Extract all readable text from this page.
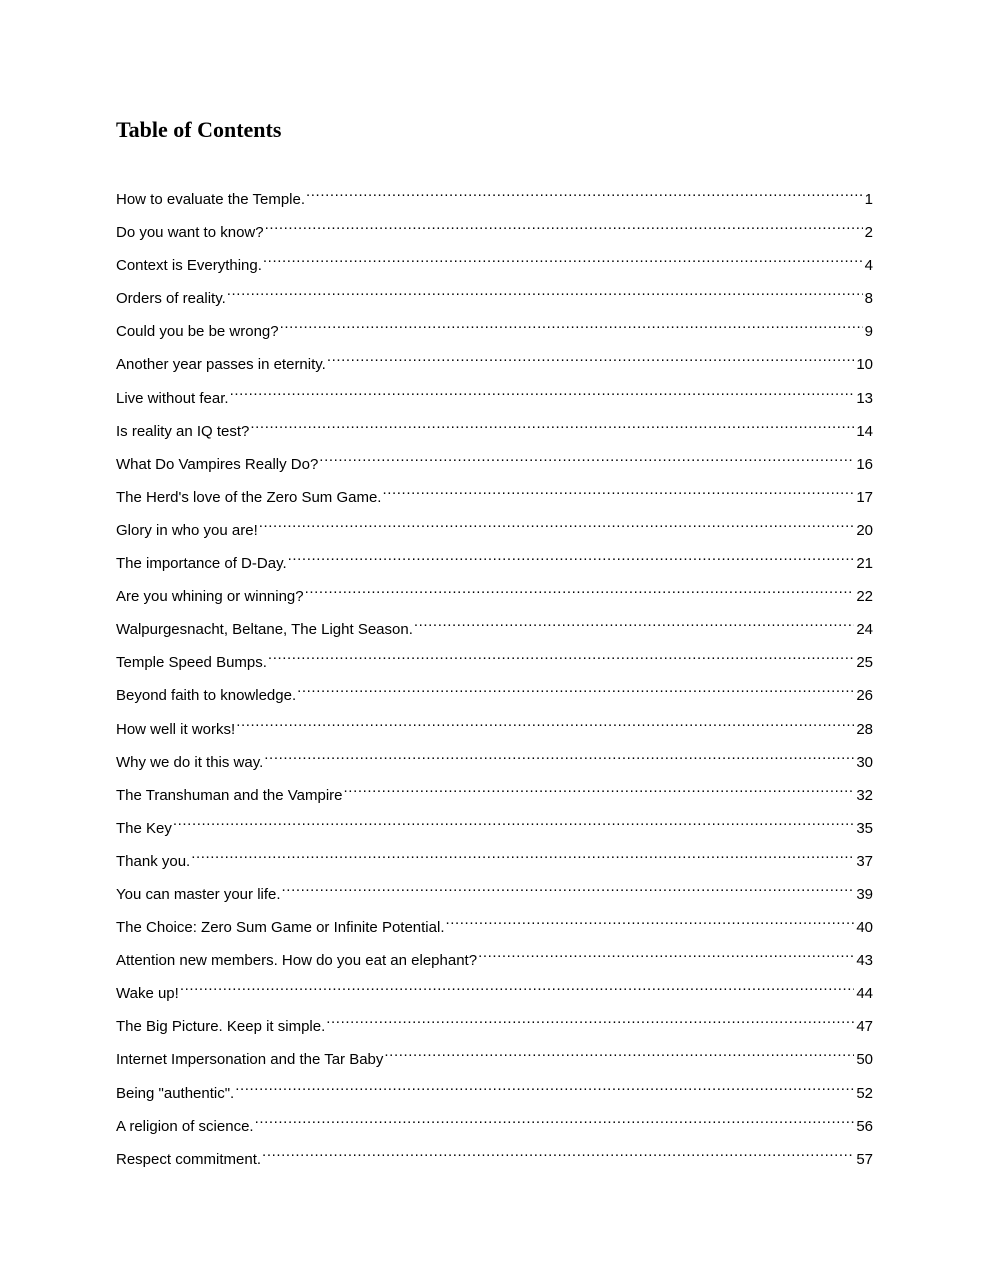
Table of Contents
How to evaluate the Temple. .....	1
Do you want to know? .....	2
Context is Everything. .....	4
Orders of reality. .....	8
Could you be be wrong? .....	9
Another year passes in eternity. .....	10
Live without fear. .....	13
Is reality an IQ test? .....	14
What Do Vampires Really Do? .....	16
The Herd's love of the Zero Sum Game. .....	17
Glory in who you are! .....	20
The importance of D-Day. .....	21
Are you whining or winning? .....	22
Walpurgesnacht, Beltane, The Light Season. .....	24
Temple Speed Bumps. .....	25
Beyond faith to knowledge. .....	26
How well it works! .....	28
Why we do it this way. .....	30
The Transhuman and the Vampire .....	32
The Key .....	35
Thank you. .....	37
You can master your life. .....	39
The Choice: Zero Sum Game or Infinite Potential. .....	40
Attention new members. How do you eat an elephant? .....	43
Wake up! .....	44
The Big Picture. Keep it simple. .....	47
Internet Impersonation and the Tar Baby .....	50
Being "authentic". .....	52
A religion of science. .....	56
Respect commitment. .....	57
